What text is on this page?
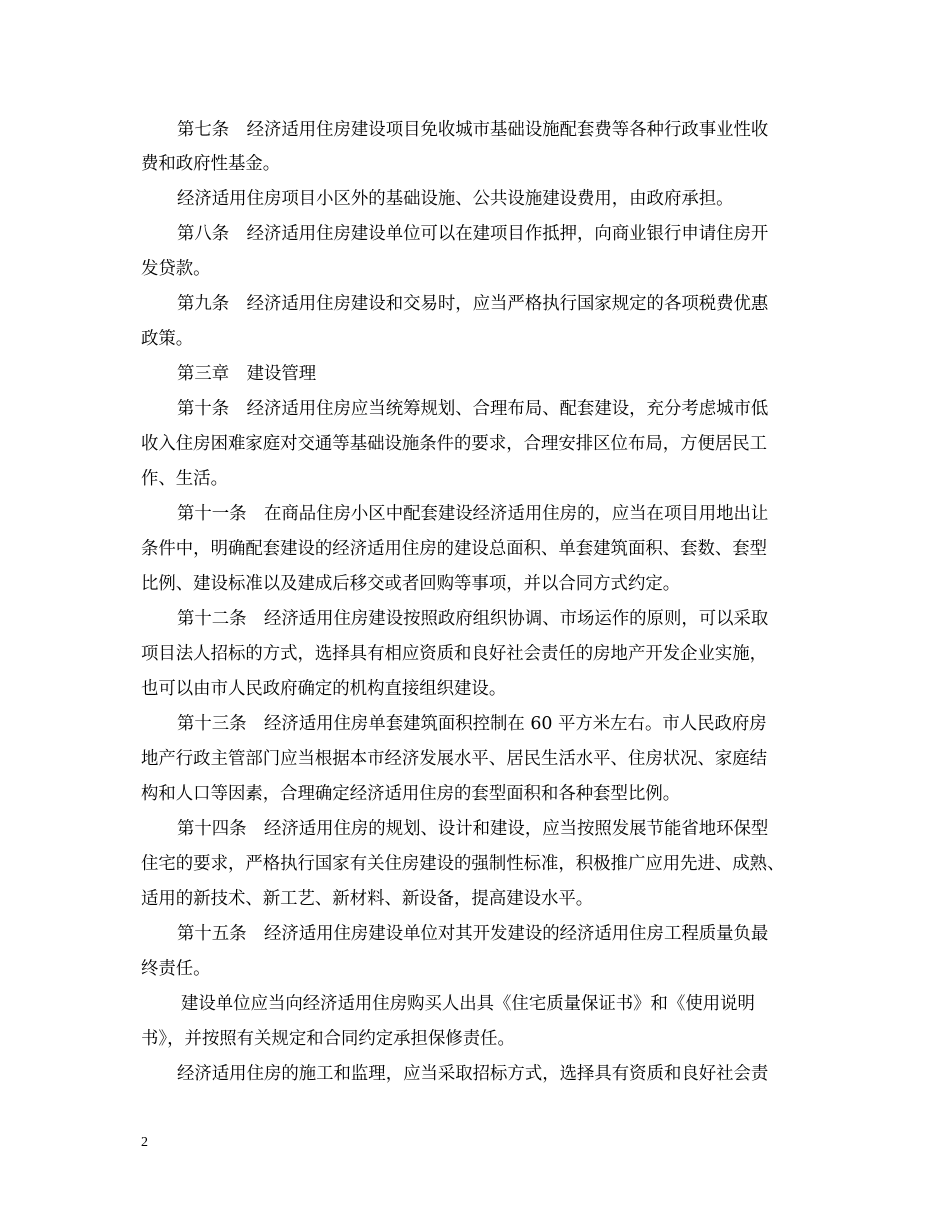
第七条　经济适用住房建设项目免收城市基础设施配套费等各种行政事业性收
费和政府性基金。
经济适用住房项目小区外的基础设施、公共设施建设费用，由政府承担。
第八条　经济适用住房建设单位可以在建项目作抵押，向商业银行申请住房开
发贷款。
第九条　经济适用住房建设和交易时，应当严格执行国家规定的各项税费优惠
政策。
第三章　建设管理
第十条　经济适用住房应当统筹规划、合理布局、配套建设，充分考虑城市低
收入住房困难家庭对交通等基础设施条件的要求，合理安排区位布局，方便居民工
作、生活。
第十一条　在商品住房小区中配套建设经济适用住房的，应当在项目用地出让
条件中，明确配套建设的经济适用住房的建设总面积、单套建筑面积、套数、套型
比例、建设标准以及建成后移交或者回购等事项，并以合同方式约定。
第十二条　经济适用住房建设按照政府组织协调、市场运作的原则，可以采取
项目法人招标的方式，选择具有相应资质和良好社会责任的房地产开发企业实施，
也可以由市人民政府确定的机构直接组织建设。
第十三条　经济适用住房单套建筑面积控制在 60 平方米左右。市人民政府房
地产行政主管部门应当根据本市经济发展水平、居民生活水平、住房状况、家庭结
构和人口等因素，合理确定经济适用住房的套型面积和各种套型比例。
第十四条　经济适用住房的规划、设计和建设，应当按照发展节能省地环保型
住宅的要求，严格执行国家有关住房建设的强制性标准，积极推广应用先进、成熟、
适用的新技术、新工艺、新材料、新设备，提高建设水平。
第十五条　经济适用住房建设单位对其开发建设的经济适用住房工程质量负最
终责任。
建设单位应当向经济适用住房购买人出具《住宅质量保证书》和《使用说明
书》，并按照有关规定和合同约定承担保修责任。
经济适用住房的施工和监理，应当采取招标方式，选择具有资质和良好社会责
2
